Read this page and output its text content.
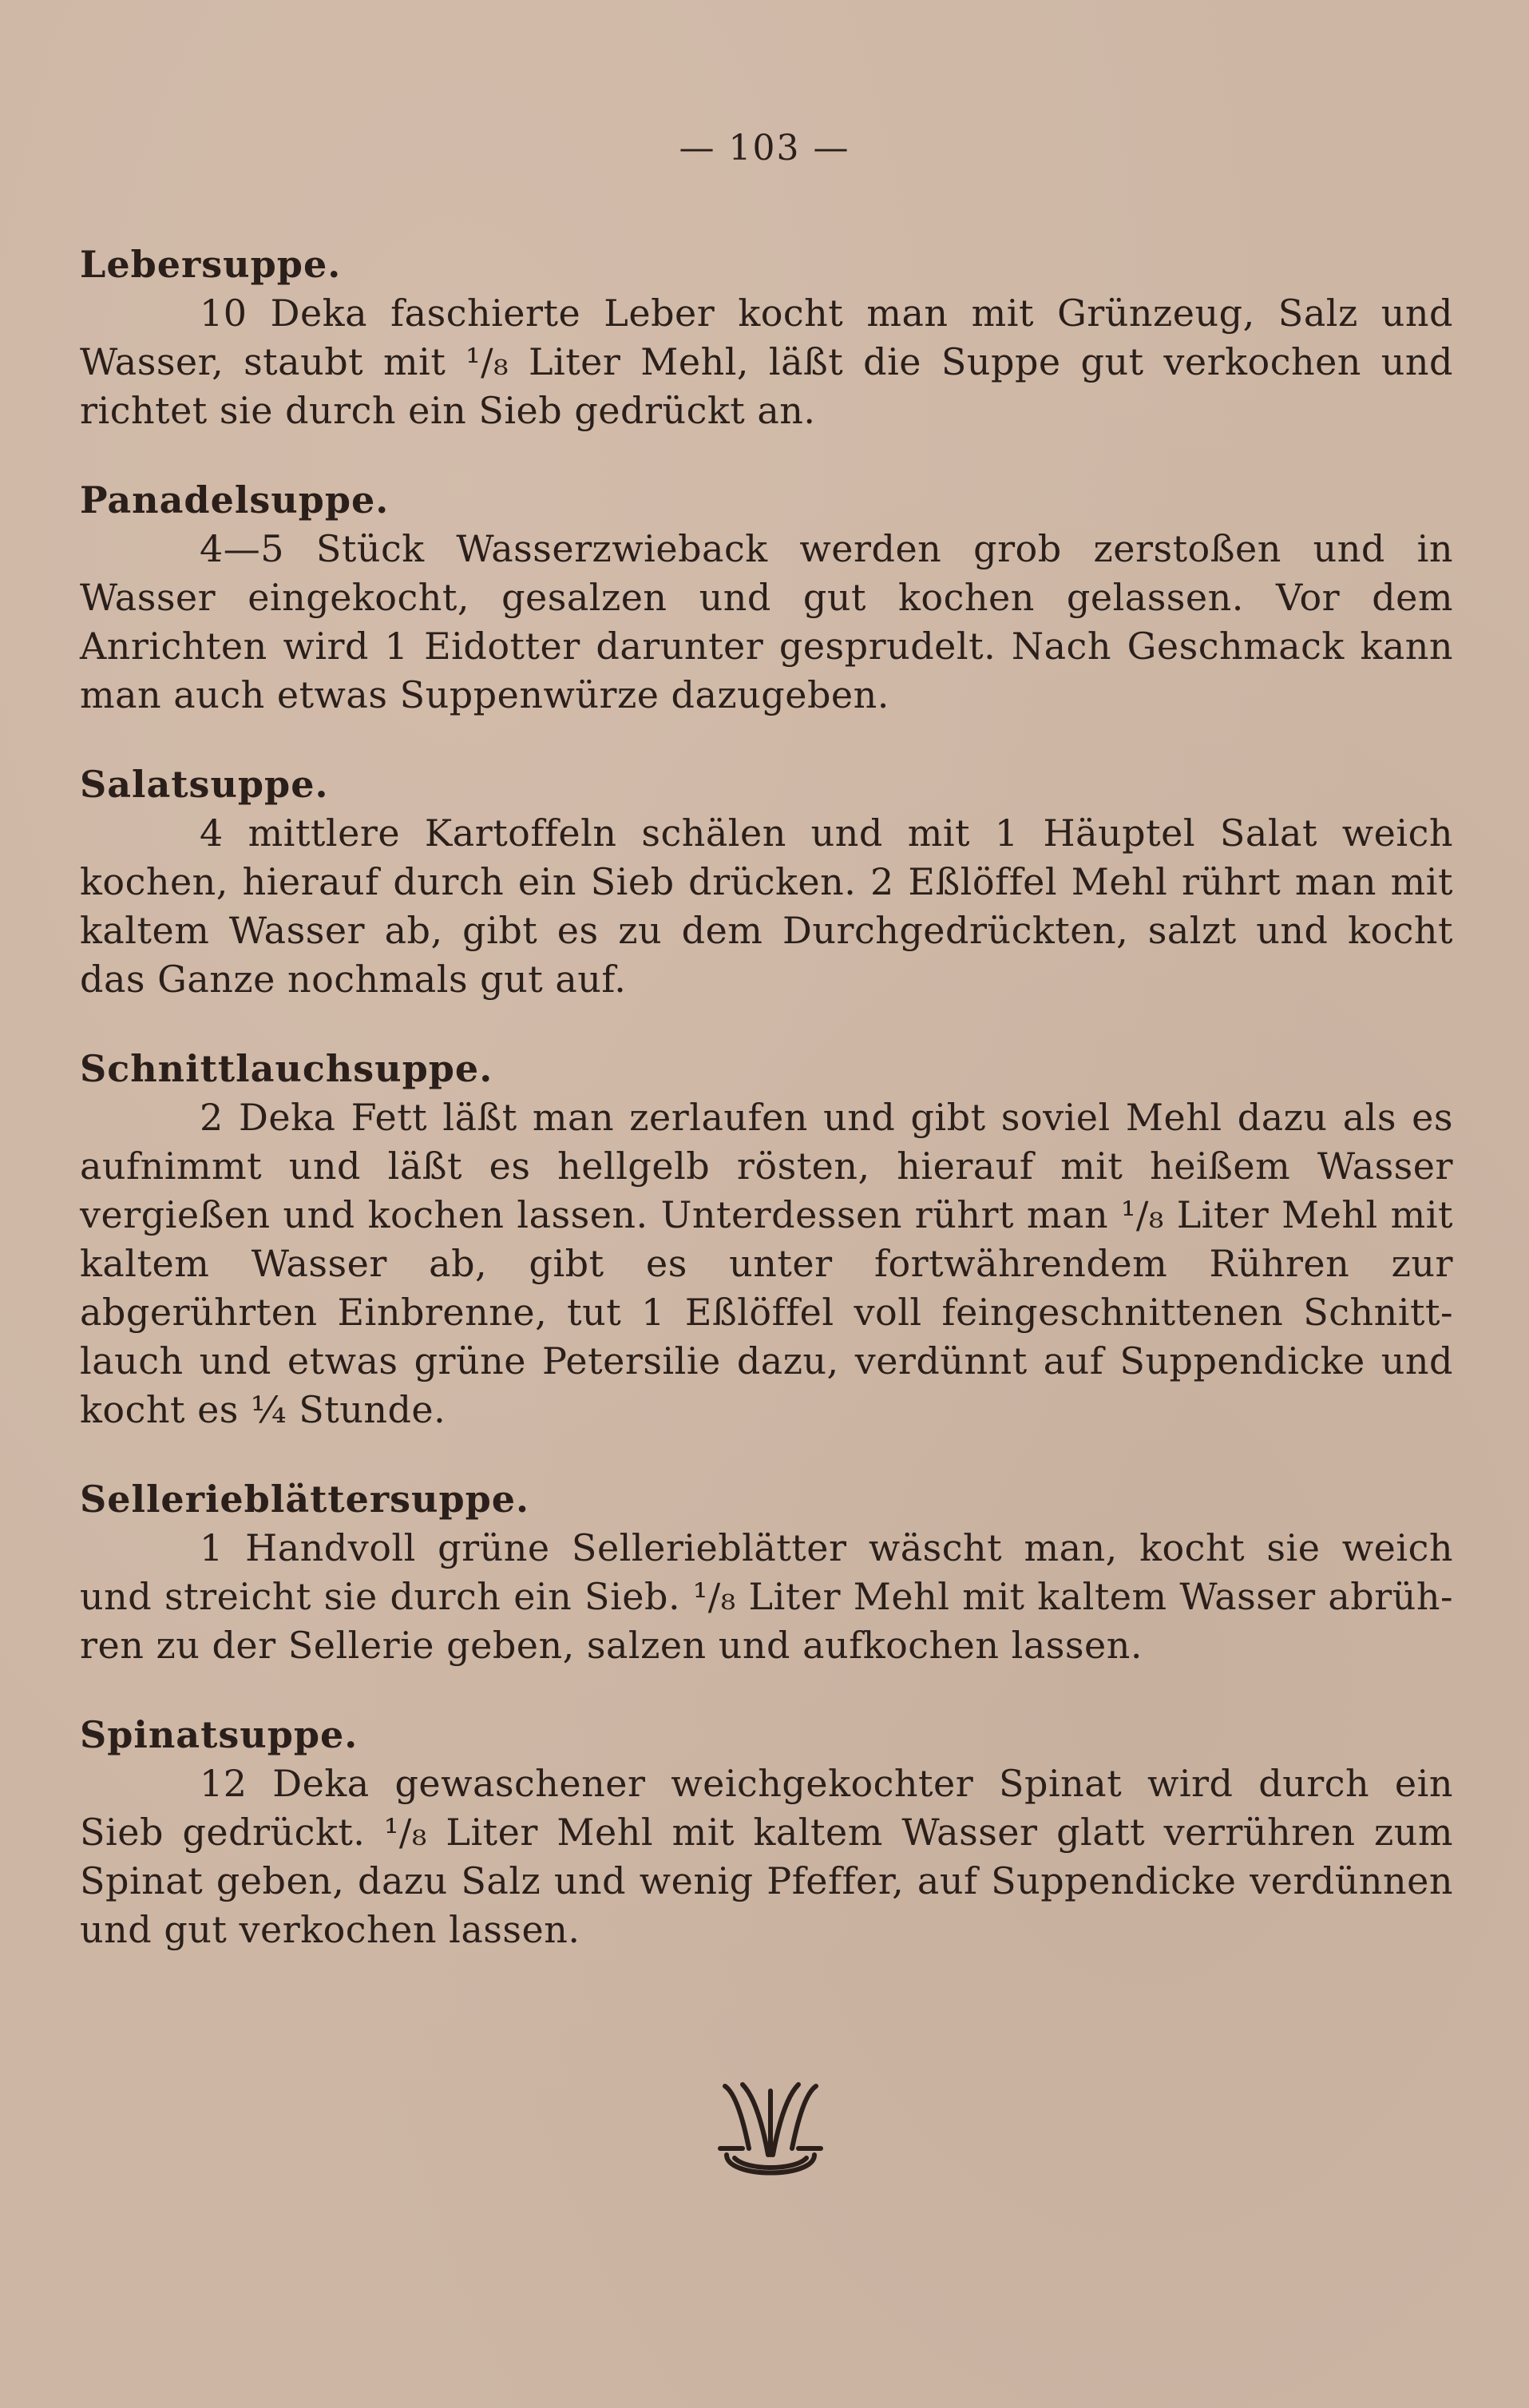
— 103 —

Lebersuppe.

10 Deka faschierte Leber kocht man mit Grünzeug, Salz und Wasser, staubt mit ¹/₈ Liter Mehl, läßt die Suppe gut verkochen und richtet sie durch ein Sieb gedrückt an.

Panadelsuppe.

4—5 Stück Wasserzwieback werden grob zerstoßen und in Wasser eingekocht, gesalzen und gut kochen gelassen. Vor dem Anrichten wird 1 Eidotter darunter gesprudelt. Nach Geschmack kann man auch etwas Suppenwürze dazugeben.

Salatsuppe.

4 mittlere Kartoffeln schälen und mit 1 Häuptel Salat weich kochen, hierauf durch ein Sieb drücken. 2 Eßlöffel Mehl rührt man mit kaltem Wasser ab, gibt es zu dem Durchgedrückten, salzt und kocht das Ganze nochmals gut auf.

Schnittlauchsuppe.

2 Deka Fett läßt man zerlaufen und gibt soviel Mehl dazu als es aufnimmt und läßt es hellgelb rösten, hierauf mit heißem Wasser vergießen und kochen lassen. Unterdessen rührt man ¹/₈ Liter Mehl mit kaltem Wasser ab, gibt es unter fortwährendem Rühren zur abgerührten Einbrenne, tut 1 Eßlöffel voll feingeschnittenen Schnitt-lauch und etwas grüne Petersilie dazu, verdünnt auf Suppendicke und kocht es ¼ Stunde.

Sellerieblättersuppe.

1 Handvoll grüne Sellerieblätter wäscht man, kocht sie weich und streicht sie durch ein Sieb. ¹/₈ Liter Mehl mit kaltem Wasser abrüh-ren zu der Sellerie geben, salzen und aufkochen lassen.

Spinatsuppe.

12 Deka gewaschener weichgekochter Spinat wird durch ein Sieb gedrückt. ¹/₈ Liter Mehl mit kaltem Wasser glatt verrühren zum Spinat geben, dazu Salz und wenig Pfeffer, auf Suppendicke verdünnen und gut verkochen lassen.
